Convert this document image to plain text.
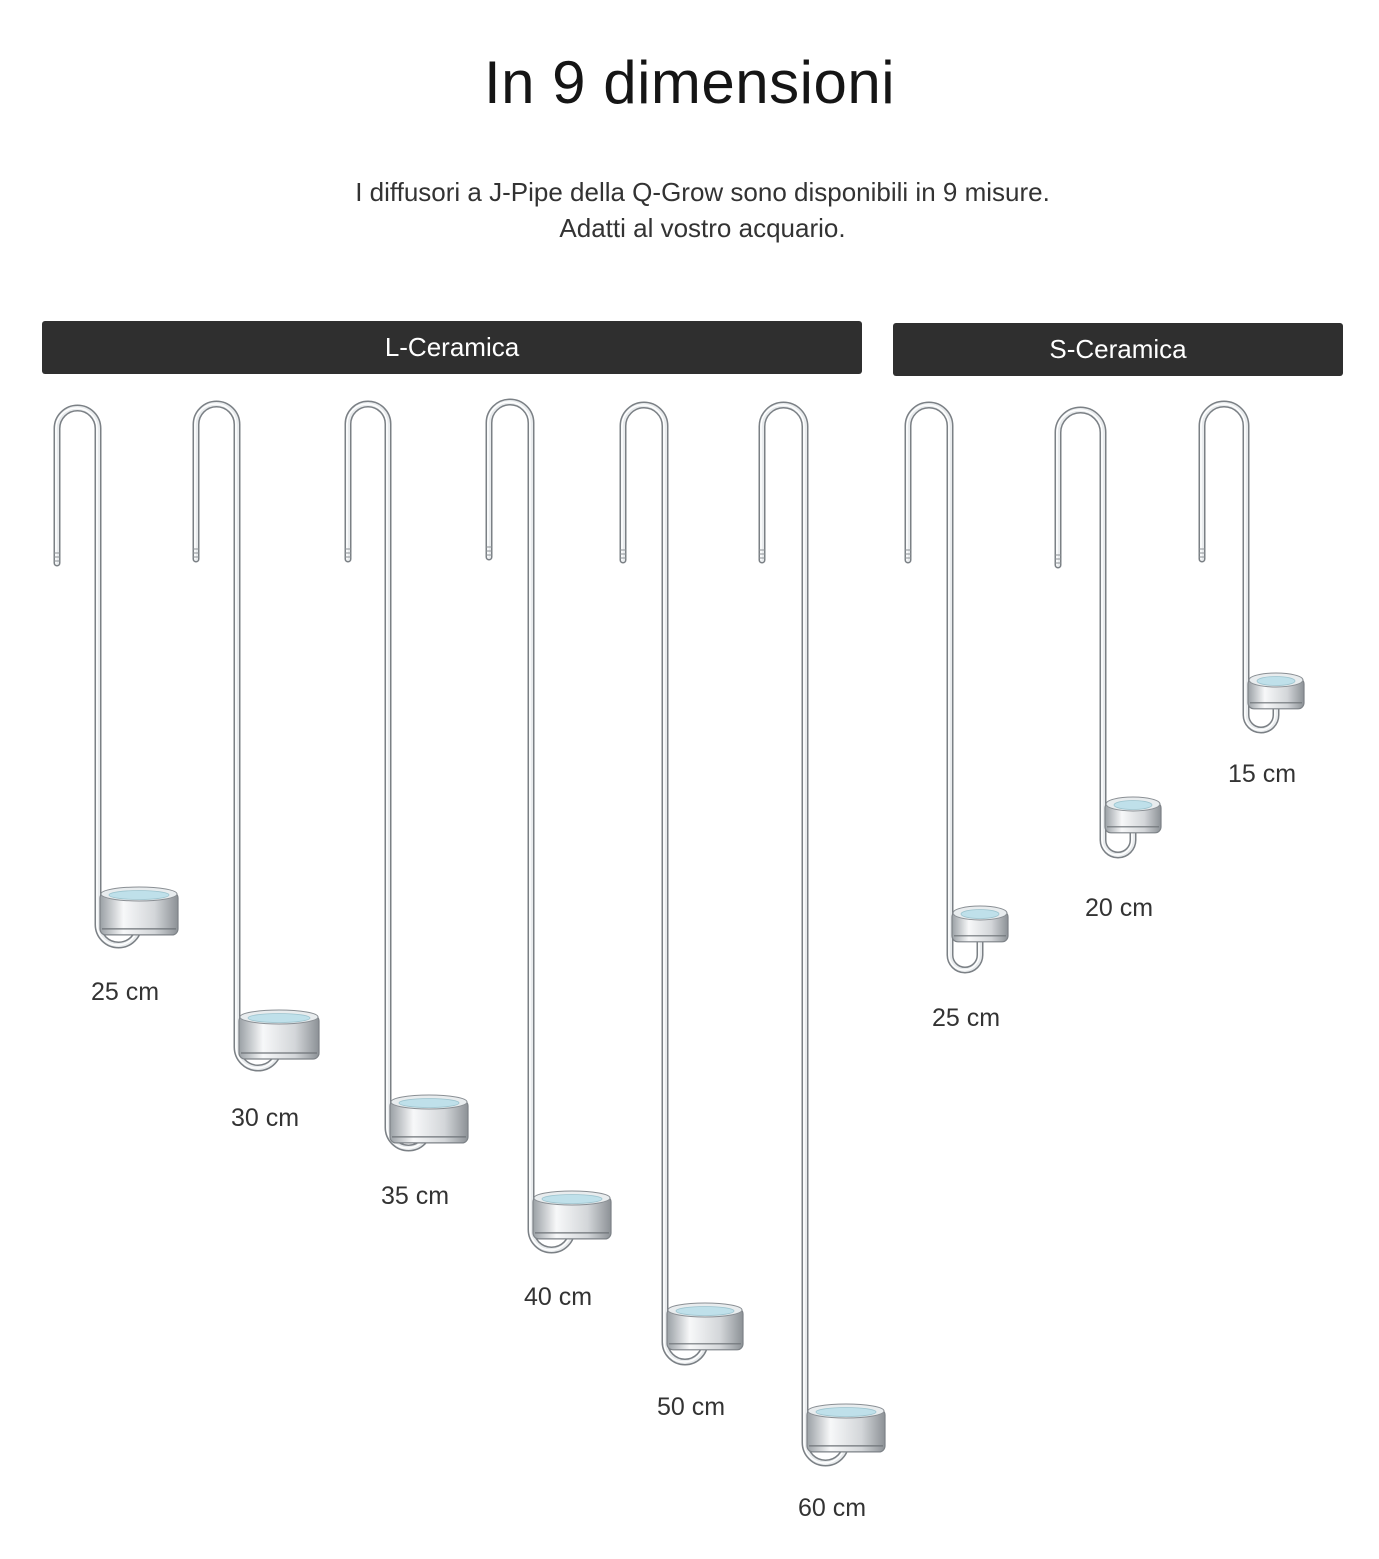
In 9 dimensioni

I diffusori a J-Pipe della Q-Grow sono disponibili in 9 misure.
Adatti al vostro acquario.

L-Ceramica	S-Ceramica
25 cm
30 cm
35 cm
40 cm
50 cm
60 cm
25 cm
20 cm
15 cm
